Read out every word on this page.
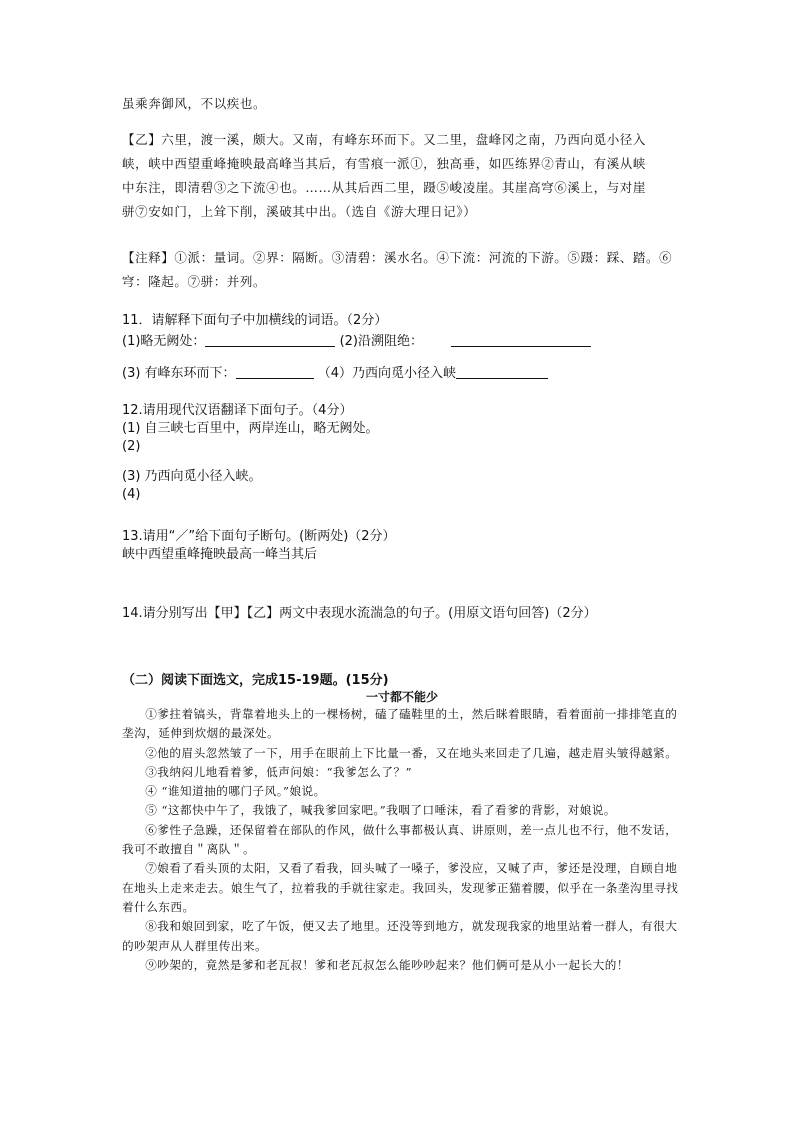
虽乘奔御风，不以疾也。
【乙】六里，渡一溪，颇大。又南，有峰东环而下。又二里，盘峰冈之南，乃西向觅小径入
峡，峡中西望重峰掩映最高峰当其后，有雪痕一派①，独高垂，如匹练界②青山，有溪从峡
中东注，即清碧③之下流④也。……从其后西二里，蹑⑤峻凌崖。其崖高穹⑥溪上，与对崖
骈⑦安如门，上耸下削，溪破其中出。（选自《游大理日记》）
【注释】①派：量词。②界：隔断。③清碧：溪水名。④下流：河流的下游。⑤蹑：踩、踏。⑥
穹：隆起。⑦骈：并列。
11．请解释下面句子中加横线的词语。（2分）
(1)略无阙处：	(2)沿溯阻绝：
(3) 有峰东环而下：	（4）乃西向觅小径入峡
12.请用现代汉语翻译下面句子。（4分）
(1) 自三峡七百里中，两岸连山，略无阙处。
(2)
(3) 乃西向觅小径入峡。
(4)
13.请用“／”给下面句子断句。(断两处)（2分）
峡中西望重峰掩映最高一峰当其后
14.请分别写出【甲】【乙】两文中表现水流湍急的句子。(用原文语句回答)（2分）
（二）阅读下面选文，完成15-19题。(15分)
一寸都不能少

①爹拄着镐头，背靠着地头上的一棵杨树，磕了磕鞋里的土，然后眯着眼睛，看着面前一排排笔直的垄沟，延伸到炊烟的最深处。

②他的眉头忽然皱了一下，用手在眼前上下比量一番，又在地头来回走了几遍，越走眉头皱得越紧。

③我纳闷儿地看着爹，低声问娘：“我爹怎么了？”

④ “谁知道抽的哪门子风。”娘说。

⑤ “这都快中午了，我饿了，喊我爹回家吧。”我咽了口唾沫，看了看爹的背影，对娘说。

⑥爹性子急躁，还保留着在部队的作风，做什么事都极认真、讲原则，差一点儿也不行，他不发话，我可不敢擅自＂离队＂。

⑦娘看了看头顶的太阳，又看了看我，回头喊了一嗓子，爹没应，又喊了声，爹还是没理，自顾自地在地头上走来走去。娘生气了，拉着我的手就往家走。我回头，发现爹正猫着腰，似乎在一条垄沟里寻找着什么东西。

⑧我和娘回到家，吃了午饭，便又去了地里。还没等到地方，就发现我家的地里站着一群人，有很大的吵架声从人群里传出来。

⑨吵架的，竟然是爹和老瓦叔！爹和老瓦叔怎么能吵吵起来？他们俩可是从小一起长大的！
